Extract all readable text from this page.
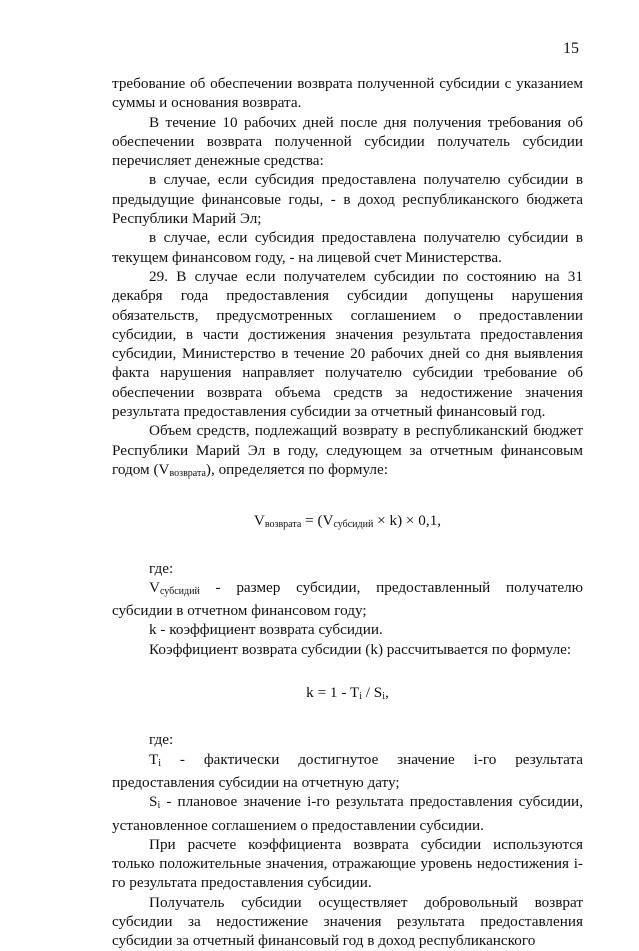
15

требование об обеспечении возврата полученной субсидии с указанием суммы и основания возврата.

В течение 10 рабочих дней после дня получения требования об обеспечении возврата полученной субсидии получатель субсидии перечисляет денежные средства:

в случае, если субсидия предоставлена получателю субсидии в предыдущие финансовые годы, - в доход республиканского бюджета Республики Марий Эл;

в случае, если субсидия предоставлена получателю субсидии в текущем финансовом году, - на лицевой счет Министерства.

29. В случае если получателем субсидии по состоянию на 31 декабря года предоставления субсидии допущены нарушения обязательств, предусмотренных соглашением о предоставлении субсидии, в части достижения значения результата предоставления субсидии, Министерство в течение 20 рабочих дней со дня выявления факта нарушения направляет получателю субсидии требование об обеспечении возврата объема средств за недостижение значения результата предоставления субсидии за отчетный финансовый год.

Объем средств, подлежащий возврату в республиканский бюджет Республики Марий Эл в году, следующем за отчетным финансовым годом $(V_{возврата})$, определяется по формуле:

$V_{возврата} = (V_{субсидий} \times k) \times 0,1$,

где:

$V_{субсидий}$ - размер субсидии, предоставленный получателю субсидии в отчетном финансовом году;

k - коэффициент возврата субсидии.

Коэффициент возврата субсидии (k) рассчитывается по формуле:

$k = 1 - T_i / S_i$,

где:

$T_i$ - фактически достигнутое значение i-го результата предоставления субсидии на отчетную дату;

$S_i$ - плановое значение i-го результата предоставления субсидии, установленное соглашением о предоставлении субсидии.

При расчете коэффициента возврата субсидии используются только положительные значения, отражающие уровень недостижения i-го результата предоставления субсидии.

Получатель субсидии осуществляет добровольный возврат субсидии за недостижение значения результата предоставления субсидии за отчетный финансовый год в доход республиканского
